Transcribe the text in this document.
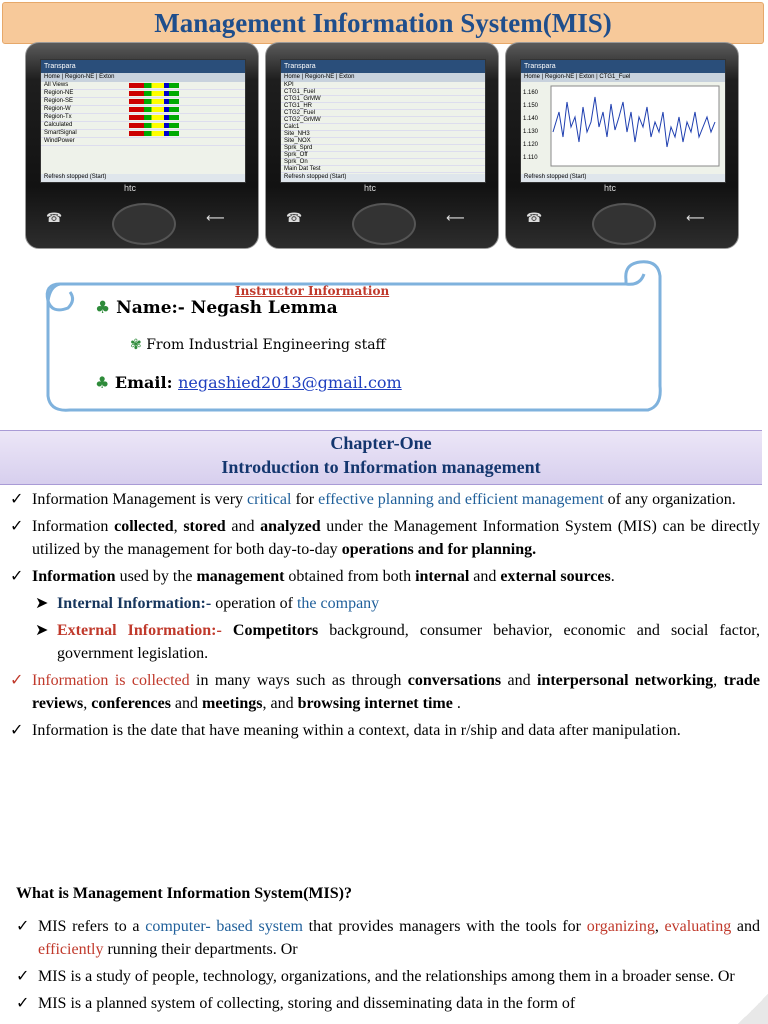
Management Information System(MIS)
Transpara
Home | Region-NE | Exton
All Views
Region-NE
Region-SE
Region-W
Region-Tx
Calculated
SmartSignal
WindPower
Refresh stopped (Start)
htc
☎	⟵
Transpara
Home | Region-NE | Exton
KPI
CTG1_Fuel
CTG1_GrMW
CTG1_HR
CTG2_Fuel
CTG2_GrMW
Calc1
Site_NH3
Site_NOX
Sprk_Sprd
Sprk_Off
Sprk_On
Main Dat Test
Refresh stopped (Start)
htc
☎	⟵
Transpara
Home | Region-NE | Exton | CTG1_Fuel
1.160
1.150
1.140
1.130
1.120
1.110
Refresh stopped (Start)
htc
☎	⟵
Instructor Information
♣ Name:- Negash Lemma
✾ From Industrial Engineering staff
♣ Email: negashied2013@gmail.com
Chapter-One
Introduction to Information management
✓ Information Management is very critical for effective planning and efficient management of any organization.
✓ Information collected, stored and analyzed under the Management Information System (MIS) can be directly utilized by the management for both day-to-day operations and for planning.
✓ Information used by the management obtained from both internal and external sources.
➤ Internal Information:- operation of the company
➤ External Information:- Competitors background, consumer behavior, economic and social factor, government legislation.
✓ Information is collected in many ways such as through conversations and interpersonal networking, trade reviews, conferences and meetings, and browsing internet time .
✓ Information is the date that have meaning within a context, data in r/ship and data after manipulation.
What is Management Information System(MIS)?
✓ MIS refers to a computer- based system that provides managers with the tools for organizing, evaluating and efficiently running their departments. Or
✓ MIS is a study of people, technology, organizations, and the relationships among them in a broader sense. Or
✓ MIS is a planned system of collecting, storing and disseminating data in the form of
